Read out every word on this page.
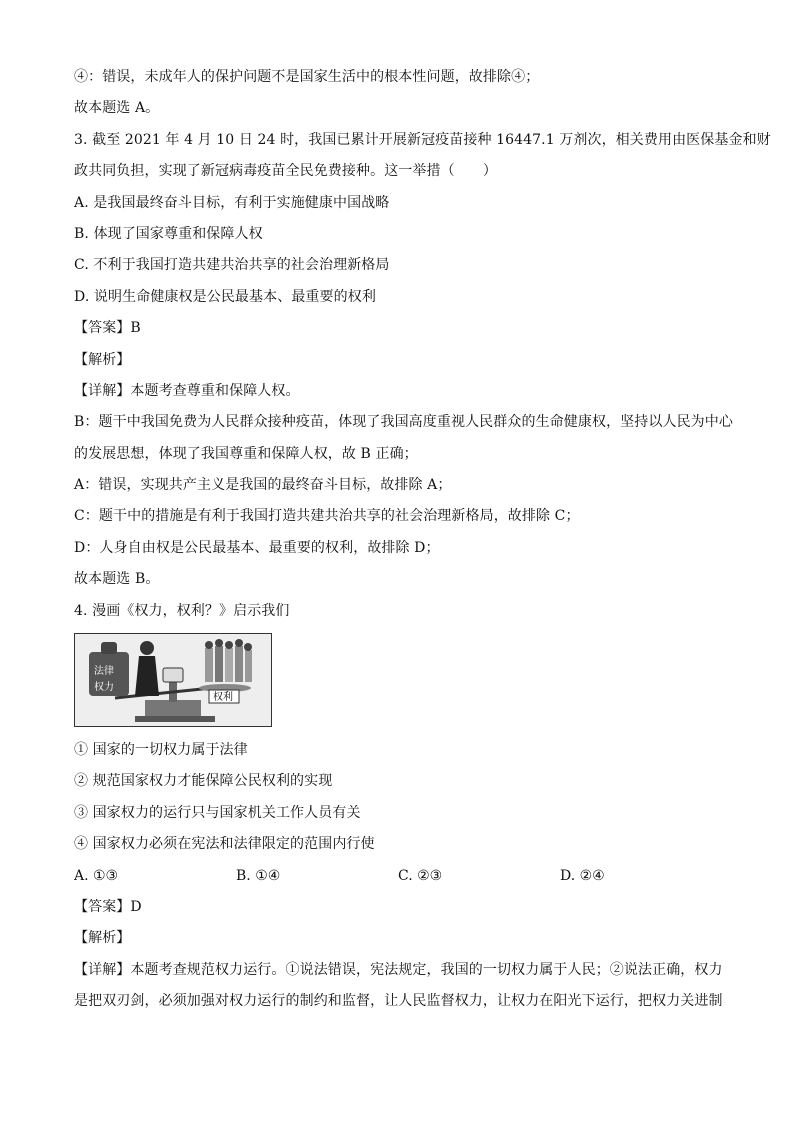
④：错误，未成年人的保护问题不是国家生活中的根本性问题，故排除④；
故本题选 A。
3. 截至 2021 年 4 月 10 日 24 时，我国已累计开展新冠疫苗接种 16447.1 万剂次，相关费用由医保基金和财
政共同负担，实现了新冠病毒疫苗全民免费接种。这一举措（　　）
A. 是我国最终奋斗目标，有利于实施健康中国战略
B. 体现了国家尊重和保障人权
C. 不利于我国打造共建共治共享的社会治理新格局
D. 说明生命健康权是公民最基本、最重要的权利
【答案】B
【解析】
【详解】本题考查尊重和保障人权。
B：题干中我国免费为人民群众接种疫苗，体现了我国高度重视人民群众的生命健康权，坚持以人民为中心
的发展思想，体现了我国尊重和保障人权，故 B 正确；
A：错误，实现共产主义是我国的最终奋斗目标，故排除 A；
C：题干中的措施是有利于我国打造共建共治共享的社会治理新格局，故排除 C；
D：人身自由权是公民最基本、最重要的权利，故排除 D；
故本题选 B。
4. 漫画《权力，权利？》启示我们
法律
权力
权利
① 国家的一切权力属于法律
② 规范国家权力才能保障公民权利的实现
③ 国家权力的运行只与国家机关工作人员有关
④ 国家权力必须在宪法和法律限定的范围内行使
A. ①③	B. ①④	C. ②③	D. ②④
【答案】D
【解析】
【详解】本题考查规范权力运行。①说法错误，宪法规定，我国的一切权力属于人民；②说法正确，权力
是把双刃剑，必须加强对权力运行的制约和监督，让人民监督权力，让权力在阳光下运行，把权力关进制
